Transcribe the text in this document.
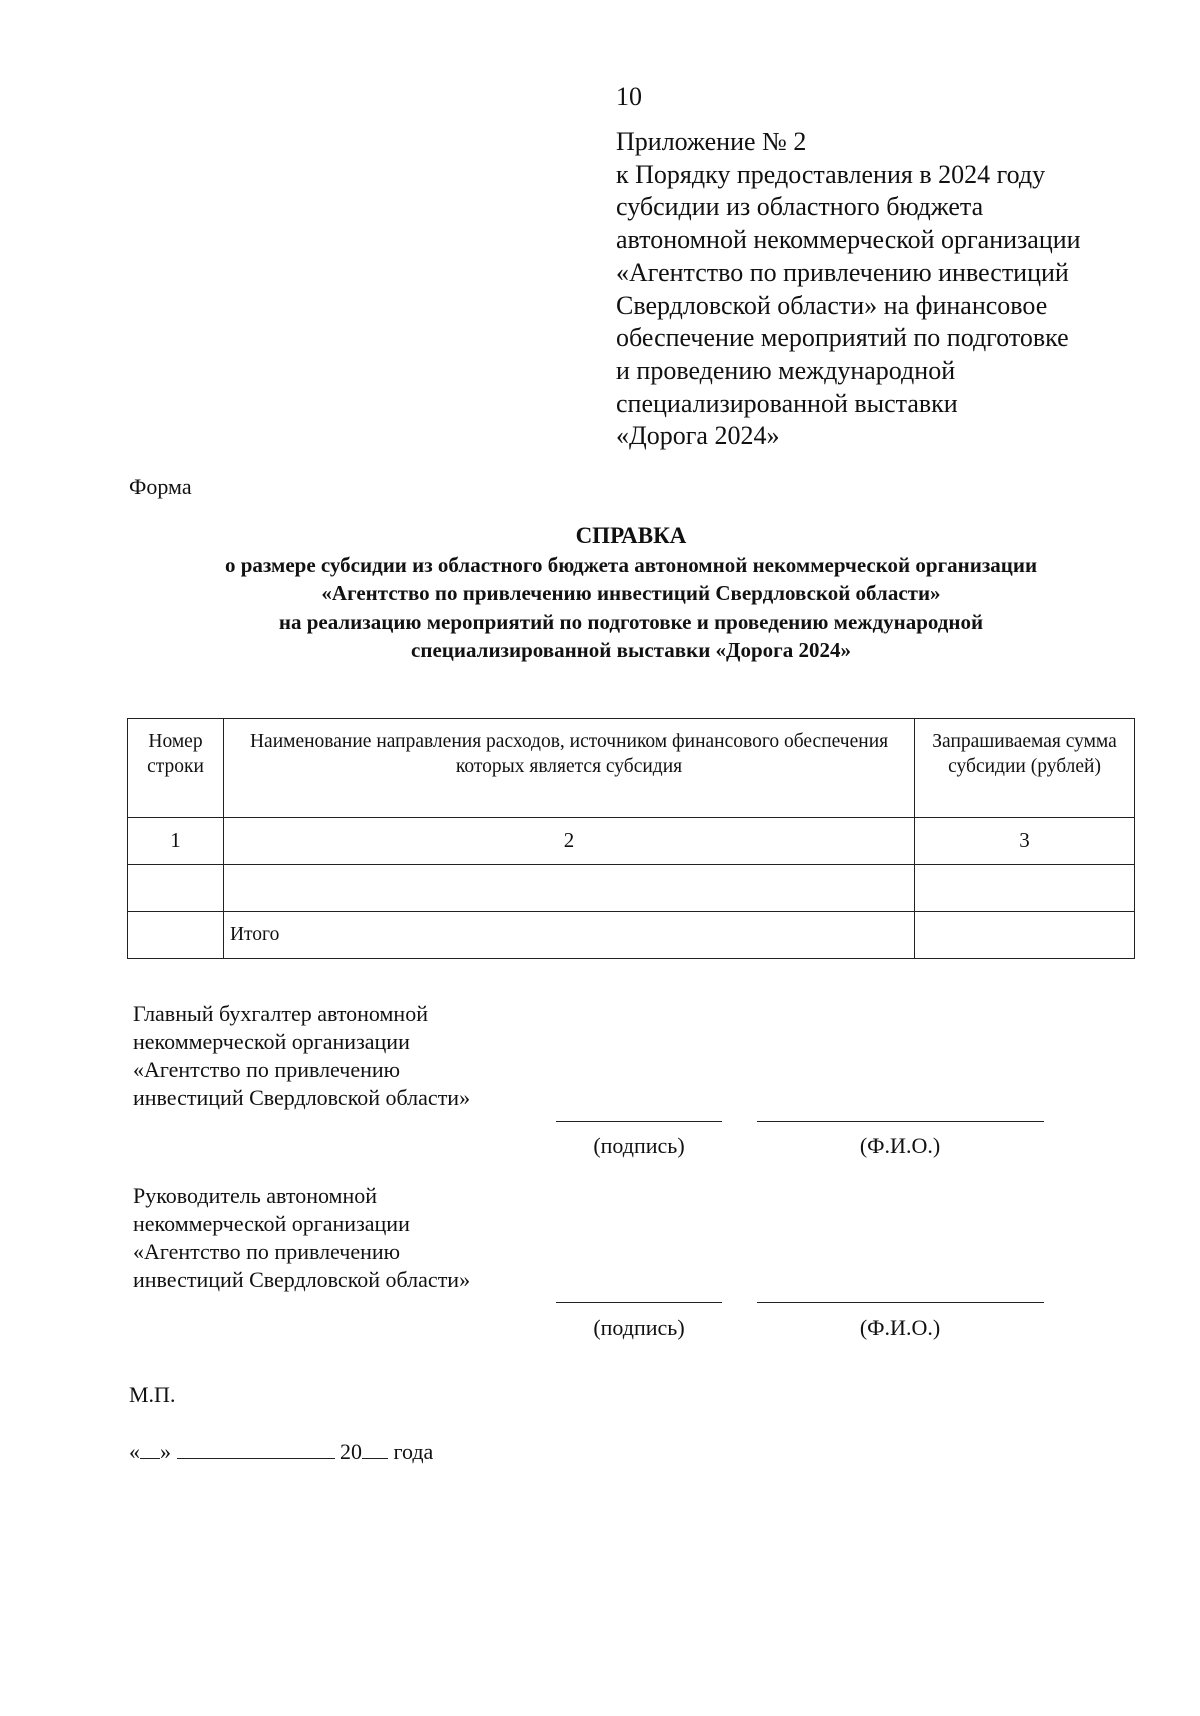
10
Приложение № 2
к Порядку предоставления в 2024 году
субсидии из областного бюджета
автономной некоммерческой организации
«Агентство по привлечению инвестиций
Свердловской области» на финансовое
обеспечение мероприятий по подготовке
и проведению международной
специализированной выставки
«Дорога 2024»
Форма
СПРАВКА
о размере субсидии из областного бюджета автономной некоммерческой организации
«Агентство по привлечению инвестиций Свердловской области»
на реализацию мероприятий по подготовке и проведению международной
специализированной выставки «Дорога 2024»
Номер строки	Наименование направления расходов, источником финансового обеспечения которых является субсидия	Запрашиваемая сумма субсидии (рублей)
1	2	3

	Итого	
Главный бухгалтер автономной
некоммерческой организации
«Агентство по привлечению
инвестиций Свердловской области»
(подпись)	(Ф.И.О.)
Руководитель автономной
некоммерческой организации
«Агентство по привлечению
инвестиций Свердловской области»
(подпись)	(Ф.И.О.)
М.П.
« »	20 года
